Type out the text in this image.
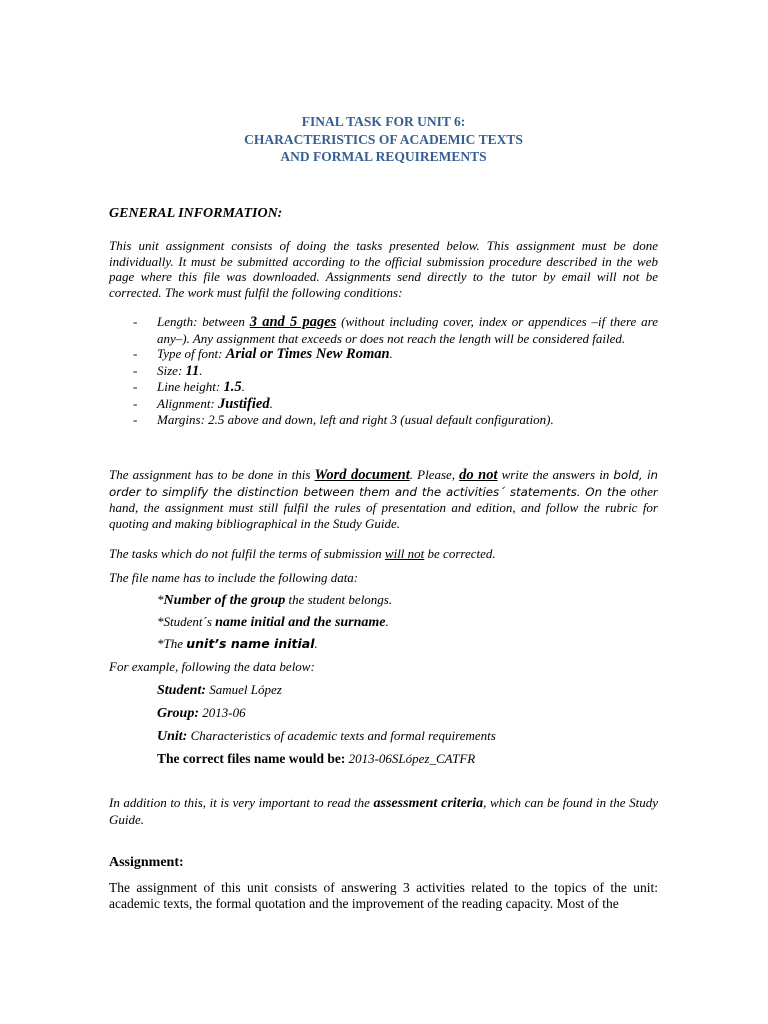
FINAL TASK FOR UNIT 6:
CHARACTERISTICS OF ACADEMIC TEXTS
AND FORMAL REQUIREMENTS
GENERAL INFORMATION:
This unit assignment consists of doing the tasks presented below. This assignment must be done individually. It must be submitted according to the official submission procedure described in the web page where this file was downloaded. Assignments send directly to the tutor by email will not be corrected. The work must fulfil the following conditions:
- Length: between 3 and 5 pages (without including cover, index or appendices –if there are any–). Any assignment that exceeds or does not reach the length will be considered failed.
- Type of font: Arial or Times New Roman.
- Size: 11.
- Line height: 1.5.
- Alignment: Justified.
- Margins: 2.5 above and down, left and right 3 (usual default configuration).
The assignment has to be done in this Word document. Please, do not write the answers in bold, in order to simplify the distinction between them and the activities´ statements. On the other hand, the assignment must still fulfil the rules of presentation and edition, and follow the rubric for quoting and making bibliographical in the Study Guide.
The tasks which do not fulfil the terms of submission will not be corrected.
The file name has to include the following data:
*Number of the group the student belongs.
*Student´s name initial and the surname.
*The unit’s name initial.
For example, following the data below:
Student: Samuel López
Group: 2013-06
Unit: Characteristics of academic texts and formal requirements
The correct files name would be: 2013-06SLópez_CATFR
In addition to this, it is very important to read the assessment criteria, which can be found in the Study Guide.
Assignment:
The assignment of this unit consists of answering 3 activities related to the topics of the unit: academic texts, the formal quotation and the improvement of the reading capacity. Most of the
